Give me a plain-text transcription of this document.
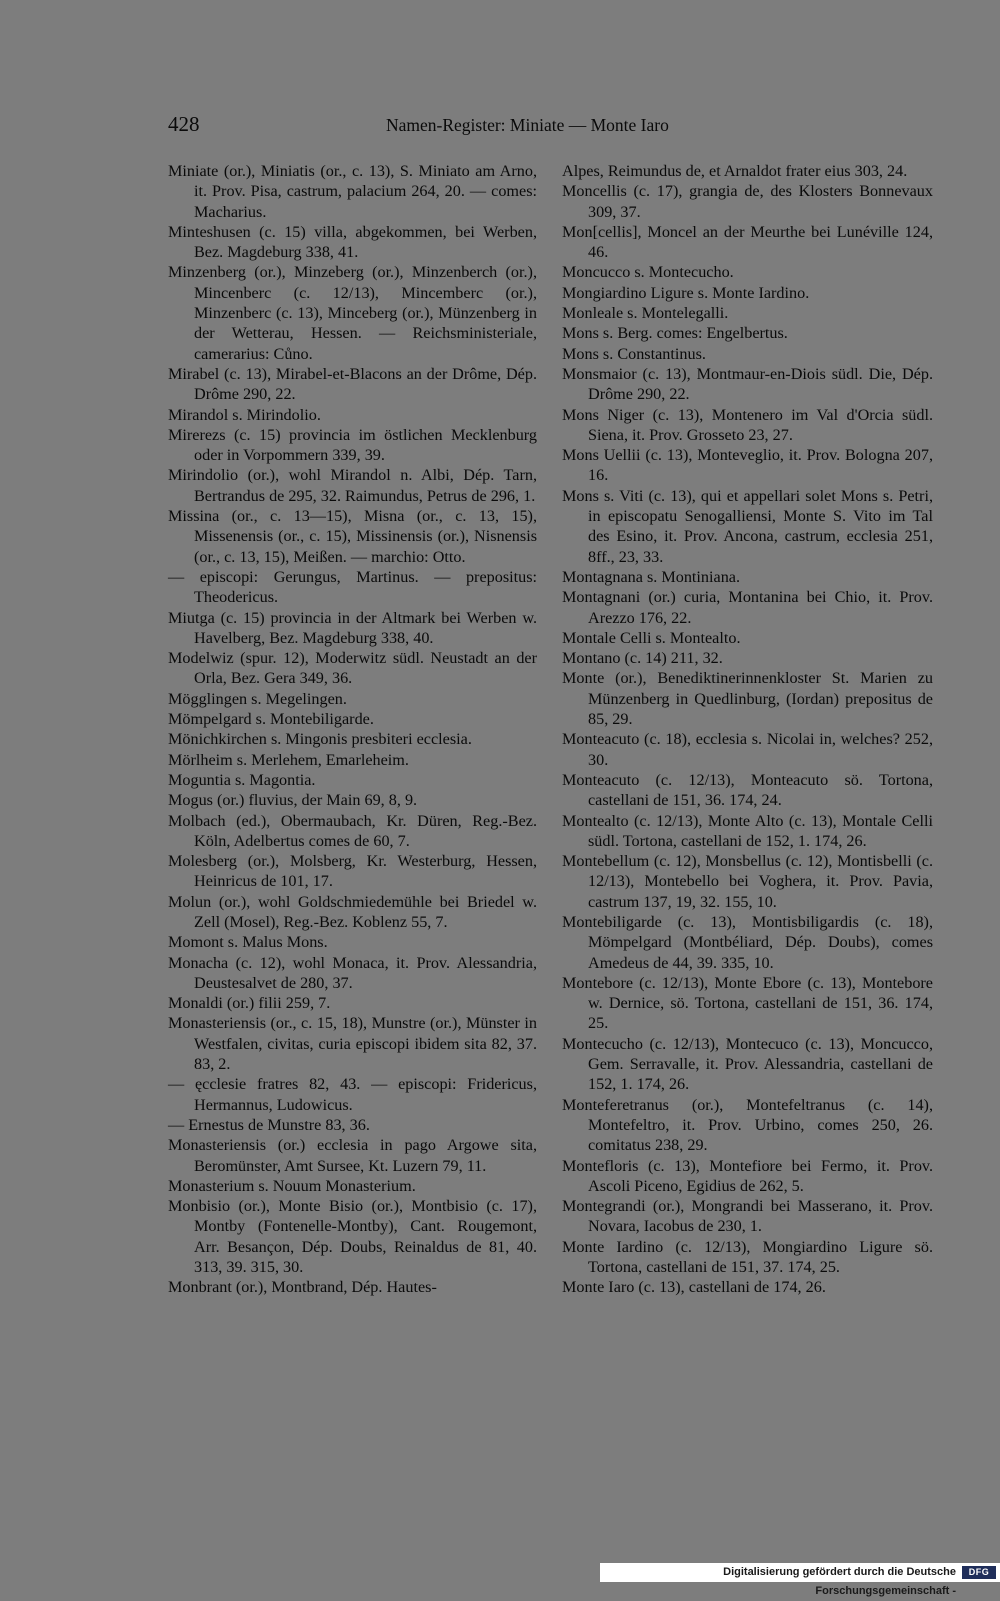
428	Namen-Register: Miniate — Monte Iaro

Miniate (or.), Miniatis (or., c. 13), S. Miniato am Arno, it. Prov. Pisa, castrum, palacium 264, 20. — comes: Macharius.

Minteshusen (c. 15) villa, abgekommen, bei Werben, Bez. Magdeburg 338, 41.

Minzenberg (or.), Minzeberg (or.), Minzenberch (or.), Mincenberc (c. 12/13), Mincemberc (or.), Minzenberc (c. 13), Minceberg (or.), Münzenberg in der Wetterau, Hessen. — Reichsministeriale, camerarius: Cůno.

Mirabel (c. 13), Mirabel-et-Blacons an der Drôme, Dép. Drôme 290, 22.

Mirandol s. Mirindolio.

Mirerezs (c. 15) provincia im östlichen Mecklenburg oder in Vorpommern 339, 39.

Mirindolio (or.), wohl Mirandol n. Albi, Dép. Tarn, Bertrandus de 295, 32. Raimundus, Petrus de 296, 1.

Missina (or., c. 13—15), Misna (or., c. 13, 15), Missenensis (or., c. 15), Missinensis (or.), Nisnensis (or., c. 13, 15), Meißen. — marchio: Otto.

— episcopi: Gerungus, Martinus. — prepositus: Theodericus.

Miutga (c. 15) provincia in der Altmark bei Werben w. Havelberg, Bez. Magdeburg 338, 40.

Modelwiz (spur. 12), Moderwitz südl. Neustadt an der Orla, Bez. Gera 349, 36.

Mögglingen s. Megelingen.

Mömpelgard s. Montebiligarde.

Mönichkirchen s. Mingonis presbiteri ecclesia.

Mörlheim s. Merlehem, Emarleheim.

Moguntia s. Magontia.

Mogus (or.) fluvius, der Main 69, 8, 9.

Molbach (ed.), Obermaubach, Kr. Düren, Reg.-Bez. Köln, Adelbertus comes de 60, 7.

Molesberg (or.), Molsberg, Kr. Westerburg, Hessen, Heinricus de 101, 17.

Molun (or.), wohl Goldschmiedemühle bei Briedel w. Zell (Mosel), Reg.-Bez. Koblenz 55, 7.

Momont s. Malus Mons.

Monacha (c. 12), wohl Monaca, it. Prov. Alessandria, Deustesalvet de 280, 37.

Monaldi (or.) filii 259, 7.

Monasteriensis (or., c. 15, 18), Munstre (or.), Münster in Westfalen, civitas, curia episcopi ibidem sita 82, 37. 83, 2.

— ęcclesie fratres 82, 43. — episcopi: Fridericus, Hermannus, Ludowicus.

— Ernestus de Munstre 83, 36.

Monasteriensis (or.) ecclesia in pago Argowe sita, Beromünster, Amt Sursee, Kt. Luzern 79, 11.

Monasterium s. Nouum Monasterium.

Monbisio (or.), Monte Bisio (or.), Montbisio (c. 17), Montby (Fontenelle-Montby), Cant. Rougemont, Arr. Besançon, Dép. Doubs, Reinaldus de 81, 40. 313, 39. 315, 30.

Monbrant (or.), Montbrand, Dép. Hautes-

Alpes, Reimundus de, et Arnaldot frater eius 303, 24.

Moncellis (c. 17), grangia de, des Klosters Bonnevaux 309, 37.

Mon[cellis], Moncel an der Meurthe bei Lunéville 124, 46.

Moncucco s. Montecucho.

Mongiardino Ligure s. Monte Iardino.

Monleale s. Montelegalli.

Mons s. Berg. comes: Engelbertus.

Mons s. Constantinus.

Monsmaior (c. 13), Montmaur-en-Diois südl. Die, Dép. Drôme 290, 22.

Mons Niger (c. 13), Montenero im Val d'Orcia südl. Siena, it. Prov. Grosseto 23, 27.

Mons Uellii (c. 13), Monteveglio, it. Prov. Bologna 207, 16.

Mons s. Viti (c. 13), qui et appellari solet Mons s. Petri, in episcopatu Senogalliensi, Monte S. Vito im Tal des Esino, it. Prov. Ancona, castrum, ecclesia 251, 8ff., 23, 33.

Montagnana s. Montiniana.

Montagnani (or.) curia, Montanina bei Chio, it. Prov. Arezzo 176, 22.

Montale Celli s. Montealto.

Montano (c. 14) 211, 32.

Monte (or.), Benediktinerinnenkloster St. Marien zu Münzenberg in Quedlinburg, (Iordan) prepositus de 85, 29.

Monteacuto (c. 18), ecclesia s. Nicolai in, welches? 252, 30.

Monteacuto (c. 12/13), Monteacuto sö. Tortona, castellani de 151, 36. 174, 24.

Montealto (c. 12/13), Monte Alto (c. 13), Montale Celli südl. Tortona, castellani de 152, 1. 174, 26.

Montebellum (c. 12), Monsbellus (c. 12), Montisbelli (c. 12/13), Montebello bei Voghera, it. Prov. Pavia, castrum 137, 19, 32. 155, 10.

Montebiligarde (c. 13), Montisbiligardis (c. 18), Mömpelgard (Montbéliard, Dép. Doubs), comes Amedeus de 44, 39. 335, 10.

Montebore (c. 12/13), Monte Ebore (c. 13), Montebore w. Dernice, sö. Tortona, castellani de 151, 36. 174, 25.

Montecucho (c. 12/13), Montecuco (c. 13), Moncucco, Gem. Serravalle, it. Prov. Alessandria, castellani de 152, 1. 174, 26.

Monteferetranus (or.), Montefeltranus (c. 14), Montefeltro, it. Prov. Urbino, comes 250, 26. comitatus 238, 29.

Montefloris (c. 13), Montefiore bei Fermo, it. Prov. Ascoli Piceno, Egidius de 262, 5.

Montegrandi (or.), Mongrandi bei Masserano, it. Prov. Novara, Iacobus de 230, 1.

Monte Iardino (c. 12/13), Mongiardino Ligure sö. Tortona, castellani de 151, 37. 174, 25.

Monte Iaro (c. 13), castellani de 174, 26.

Digitalisierung gefördert durch die Deutsche Forschungsgemeinschaft -
DFG
